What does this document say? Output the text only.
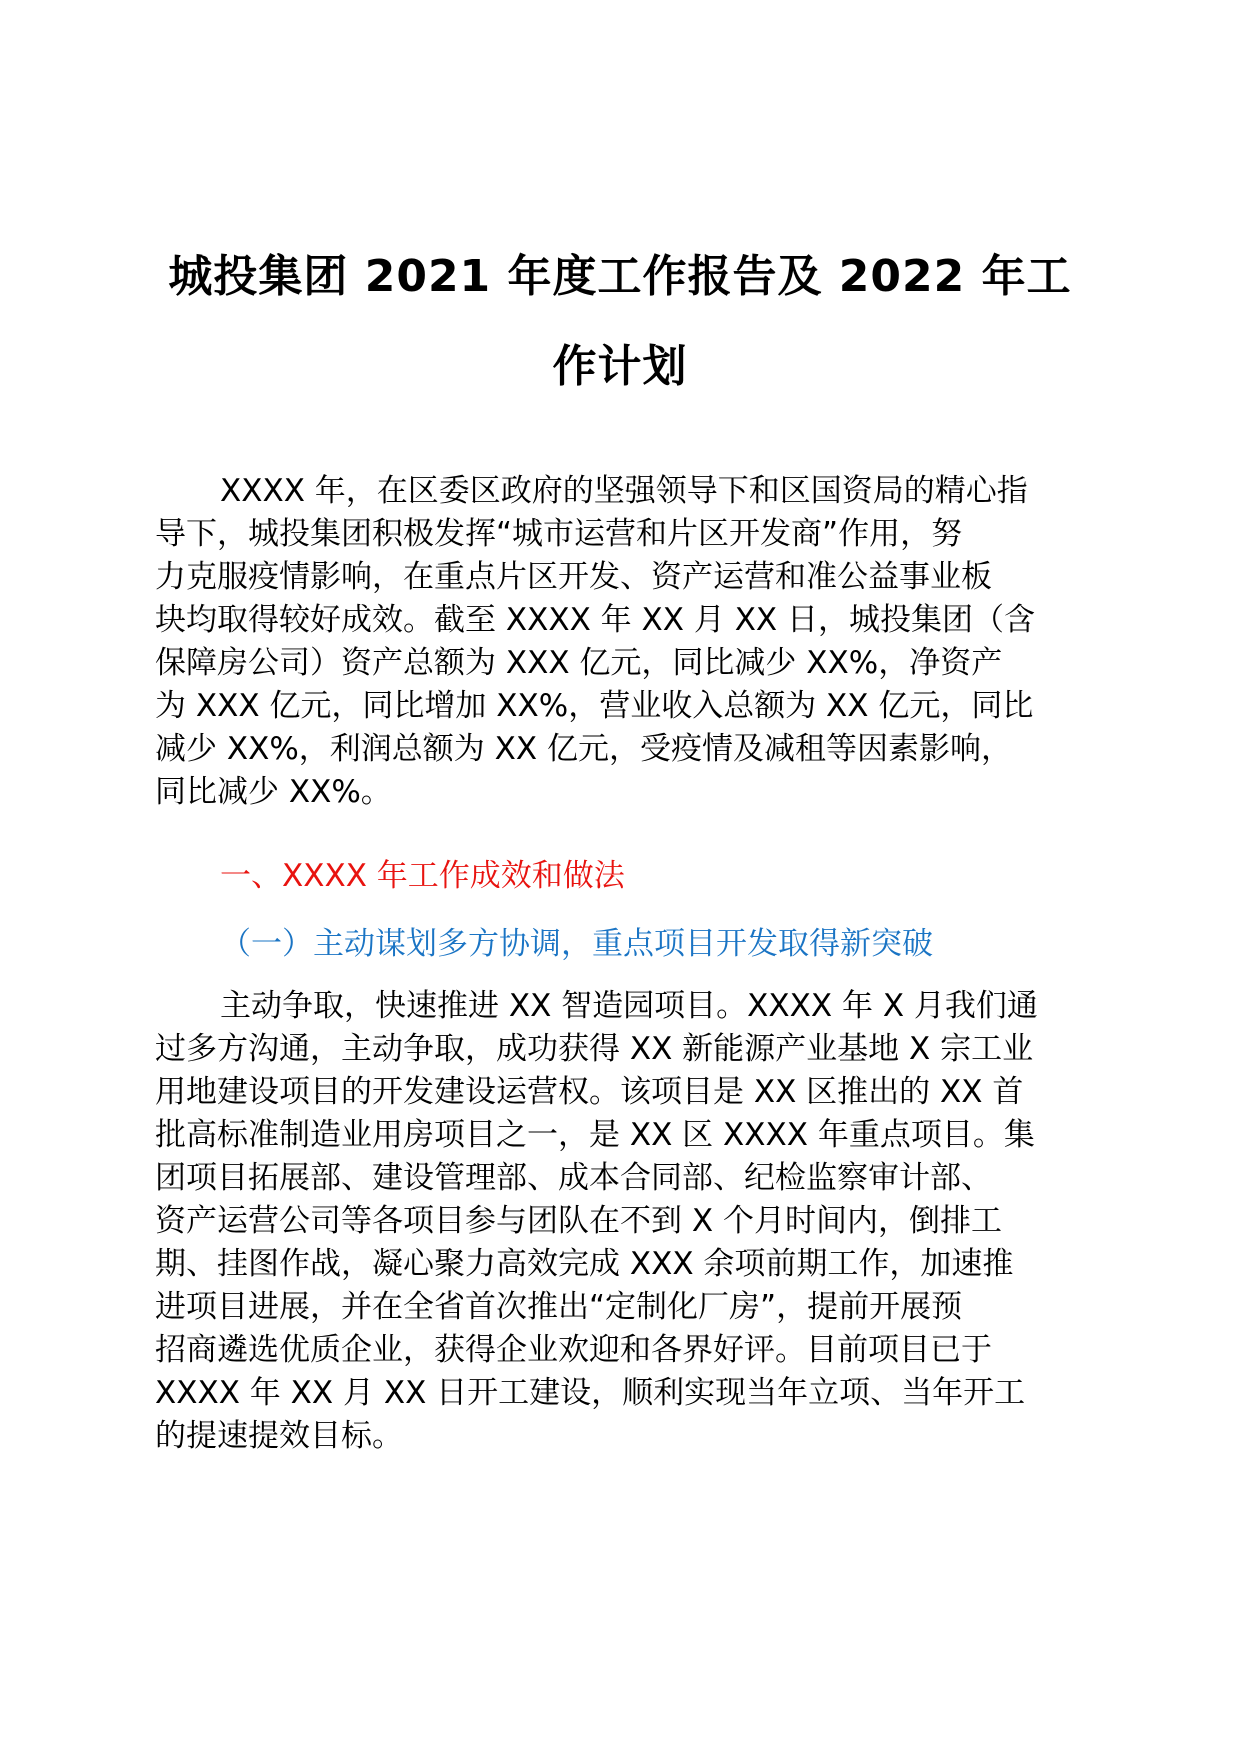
城投集团 2021 年度工作报告及 2022 年工
作计划
XXXX 年，在区委区政府的坚强领导下和区国资局的精心指
导下，城投集团积极发挥“城市运营和片区开发商”作用，努
力克服疫情影响，在重点片区开发、资产运营和准公益事业板
块均取得较好成效。截至 XXXX 年 XX 月 XX 日，城投集团（含
保障房公司）资产总额为 XXX 亿元，同比减少 XX%，净资产
为 XXX 亿元，同比增加 XX%，营业收入总额为 XX 亿元，同比
减少 XX%，利润总额为 XX 亿元，受疫情及减租等因素影响，
同比减少 XX%。
一、XXXX 年工作成效和做法
（一）主动谋划多方协调，重点项目开发取得新突破
主动争取，快速推进 XX 智造园项目。XXXX 年 X 月我们通
过多方沟通，主动争取，成功获得 XX 新能源产业基地 X 宗工业
用地建设项目的开发建设运营权。该项目是 XX 区推出的 XX 首
批高标准制造业用房项目之一，是 XX 区 XXXX 年重点项目。集
团项目拓展部、建设管理部、成本合同部、纪检监察审计部、
资产运营公司等各项目参与团队在不到 X 个月时间内，倒排工
期、挂图作战，凝心聚力高效完成 XXX 余项前期工作，加速推
进项目进展，并在全省首次推出“定制化厂房”，提前开展预
招商遴选优质企业，获得企业欢迎和各界好评。目前项目已于
XXXX 年 XX 月 XX 日开工建设，顺利实现当年立项、当年开工
的提速提效目标。
